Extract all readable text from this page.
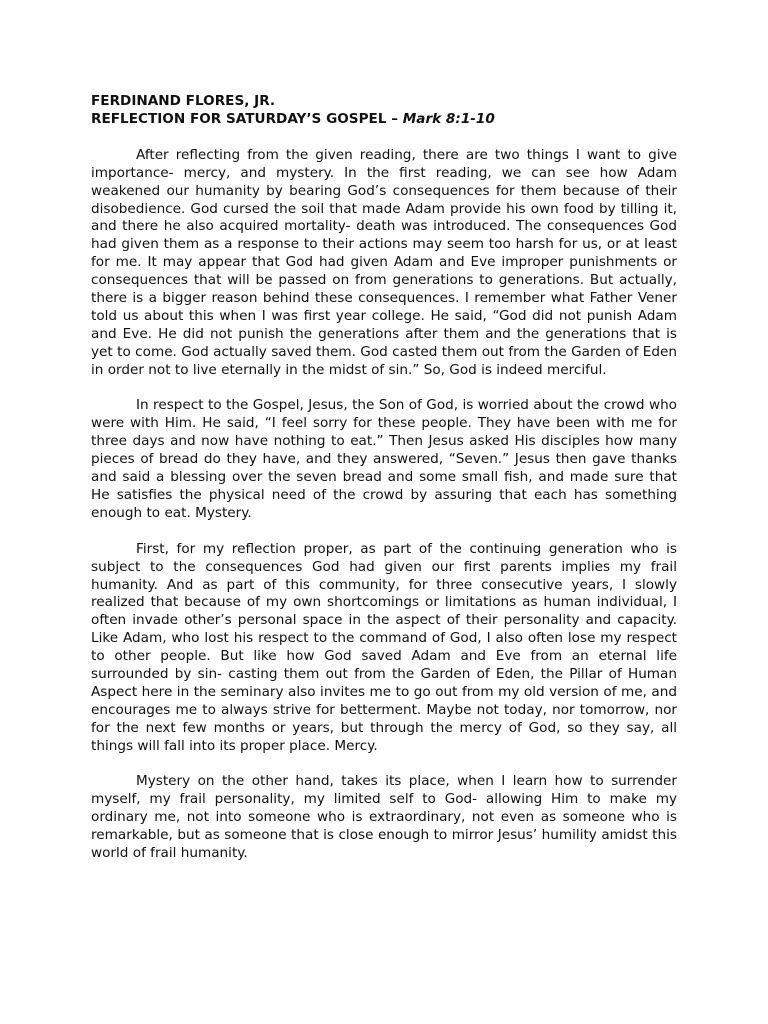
FERDINAND FLORES, JR.

REFLECTION FOR SATURDAY’S GOSPEL – Mark 8:1-10

After reflecting from the given reading, there are two things I want to give importance- mercy, and mystery. In the first reading, we can see how Adam weakened our humanity by bearing God’s consequences for them because of their disobedience. God cursed the soil that made Adam provide his own food by tilling it, and there he also acquired mortality- death was introduced. The consequences God had given them as a response to their actions may seem too harsh for us, or at least for me. It may appear that God had given Adam and Eve improper punishments or consequences that will be passed on from generations to generations. But actually, there is a bigger reason behind these consequences. I remember what Father Vener told us about this when I was first year college. He said, “God did not punish Adam and Eve. He did not punish the generations after them and the generations that is yet to come. God actually saved them. God casted them out from the Garden of Eden in order not to live eternally in the midst of sin.” So, God is indeed merciful.

In respect to the Gospel, Jesus, the Son of God, is worried about the crowd who were with Him. He said, “I feel sorry for these people. They have been with me for three days and now have nothing to eat.” Then Jesus asked His disciples how many pieces of bread do they have, and they answered, “Seven.” Jesus then gave thanks and said a blessing over the seven bread and some small fish, and made sure that He satisfies the physical need of the crowd by assuring that each has something enough to eat. Mystery.

First, for my reflection proper, as part of the continuing generation who is subject to the consequences God had given our first parents implies my frail humanity. And as part of this community, for three consecutive years, I slowly realized that because of my own shortcomings or limitations as human individual, I often invade other’s personal space in the aspect of their personality and capacity. Like Adam, who lost his respect to the command of God, I also often lose my respect to other people. But like how God saved Adam and Eve from an eternal life surrounded by sin- casting them out from the Garden of Eden, the Pillar of Human Aspect here in the seminary also invites me to go out from my old version of me, and encourages me to always strive for betterment. Maybe not today, nor tomorrow, nor for the next few months or years, but through the mercy of God, so they say, all things will fall into its proper place. Mercy.

Mystery on the other hand, takes its place, when I learn how to surrender myself, my frail personality, my limited self to God- allowing Him to make my ordinary me, not into someone who is extraordinary, not even as someone who is remarkable, but as someone that is close enough to mirror Jesus’ humility amidst this world of frail humanity.
